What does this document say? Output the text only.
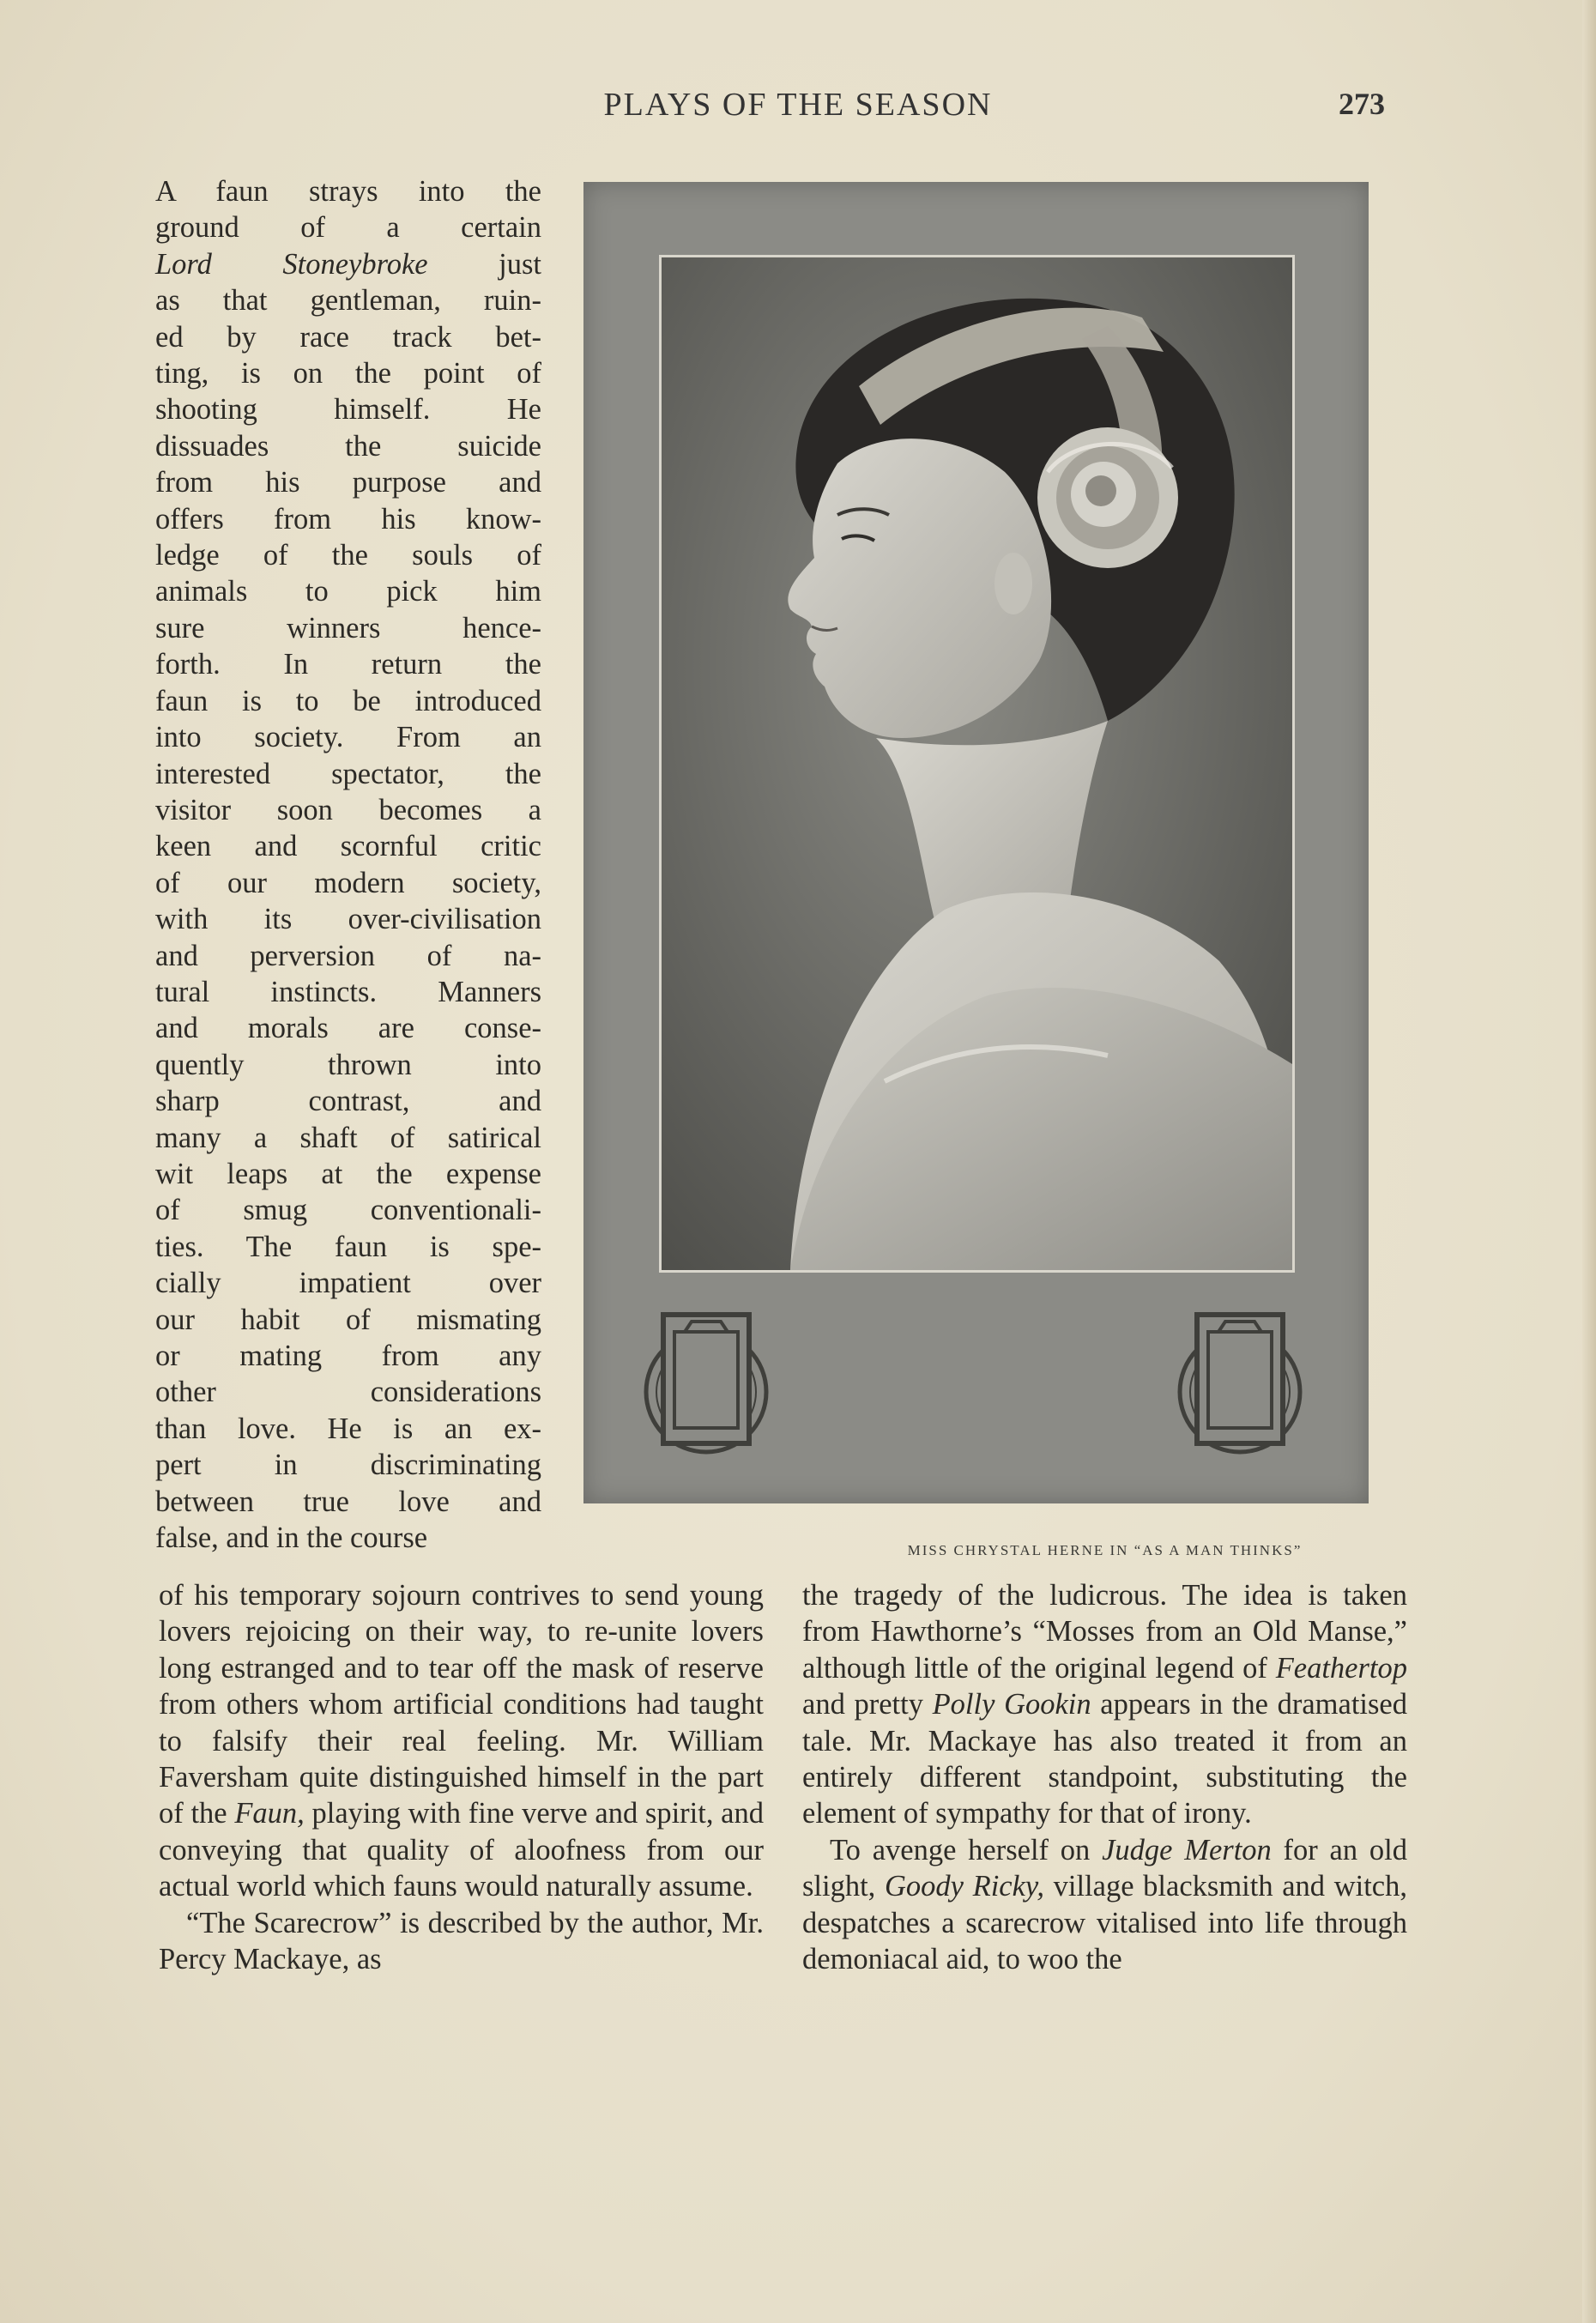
PLAYS OF THE SEASON	273
A faun strays into the
ground of a certain
Lord Stoneybroke just
as that gentleman, ruin-
ed by race track bet-
ting, is on the point of
shooting himself. He
dissuades the suicide
from his purpose and
offers from his know-
ledge of the souls of
animals to pick him
sure winners hence-
forth. In return the
faun is to be introduced
into society. From an
interested spectator, the
visitor soon becomes a
keen and scornful critic
of our modern society,
with its over-civilisation
and perversion of na-
tural instincts. Manners
and morals are conse-
quently thrown into
sharp contrast, and
many a shaft of satirical
wit leaps at the expense
of smug conventionali-
ties. The faun is spe-
cially impatient over
our habit of mismating
or mating from any
other considerations
than love. He is an ex-
pert in discriminating
between true love and
false, and in the course	MISS CHRYSTAL HERNE IN “AS A MAN THINKS”

of his temporary sojourn contrives to send young lovers rejoicing on their way, to re-unite lovers long estranged and to tear off the mask of reserve from others whom artificial conditions had taught to falsify their real feeling. Mr. William Faversham quite distinguished himself in the part of the Faun, playing with fine verve and spirit, and conveying that quality of aloofness from our actual world which fauns would naturally assume.

“The Scarecrow” is described by the author, Mr. Percy Mackaye, as

the tragedy of the ludicrous. The idea is taken from Hawthorne’s “Mosses from an Old Manse,” although little of the original legend of Feathertop and pretty Polly Gookin appears in the dramatised tale. Mr. Mackaye has also treated it from an entirely different standpoint, substituting the element of sympathy for that of irony.

To avenge herself on Judge Merton for an old slight, Goody Ricky, village blacksmith and witch, despatches a scarecrow vitalised into life through demoniacal aid, to woo the
